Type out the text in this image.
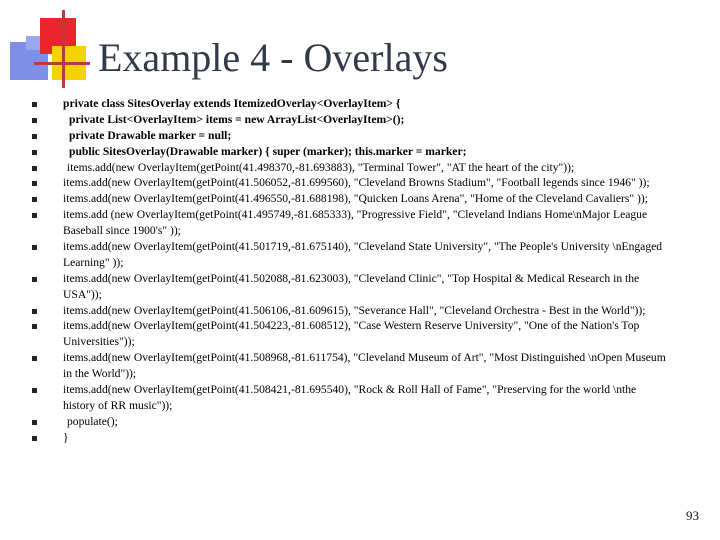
Example 4 - Overlays
private class SitesOverlay extends ItemizedOverlay<OverlayItem> {
private List<OverlayItem> items = new ArrayList<OverlayItem>();
private Drawable marker = null;
public SitesOverlay(Drawable marker) { super (marker); this.marker = marker;
items.add(new OverlayItem(getPoint(41.498370,-81.693883), "Terminal Tower", "AT the heart of the city"));
items.add(new OverlayItem(getPoint(41.506052,-81.699560), "Cleveland Browns Stadium", "Football legends since 1946" ));
items.add(new OverlayItem(getPoint(41.496550,-81.688198), "Quicken Loans Arena", "Home of the Cleveland Cavaliers" ));
items.add (new OverlayItem(getPoint(41.495749,-81.685333), "Progressive Field", "Cleveland Indians Home\nMajor League
Baseball since 1900's" ));
items.add(new OverlayItem(getPoint(41.501719,-81.675140), "Cleveland State University", "The People's University \nEngaged
Learning" ));
items.add(new OverlayItem(getPoint(41.502088,-81.623003), "Cleveland Clinic", "Top Hospital & Medical Research in the
USA"));
items.add(new OverlayItem(getPoint(41.506106,-81.609615), "Severance Hall", "Cleveland Orchestra - Best in the World"));
items.add(new OverlayItem(getPoint(41.504223,-81.608512), "Case Western Reserve University", "One of the Nation's Top
Universities"));
items.add(new OverlayItem(getPoint(41.508968,-81.611754), "Cleveland Museum of Art", "Most Distinguished \nOpen Museum
in the World"));
items.add(new OverlayItem(getPoint(41.508421,-81.695540), "Rock & Roll Hall of Fame", "Preserving for the world \nthe
history of RR music"));
populate();
}
93
